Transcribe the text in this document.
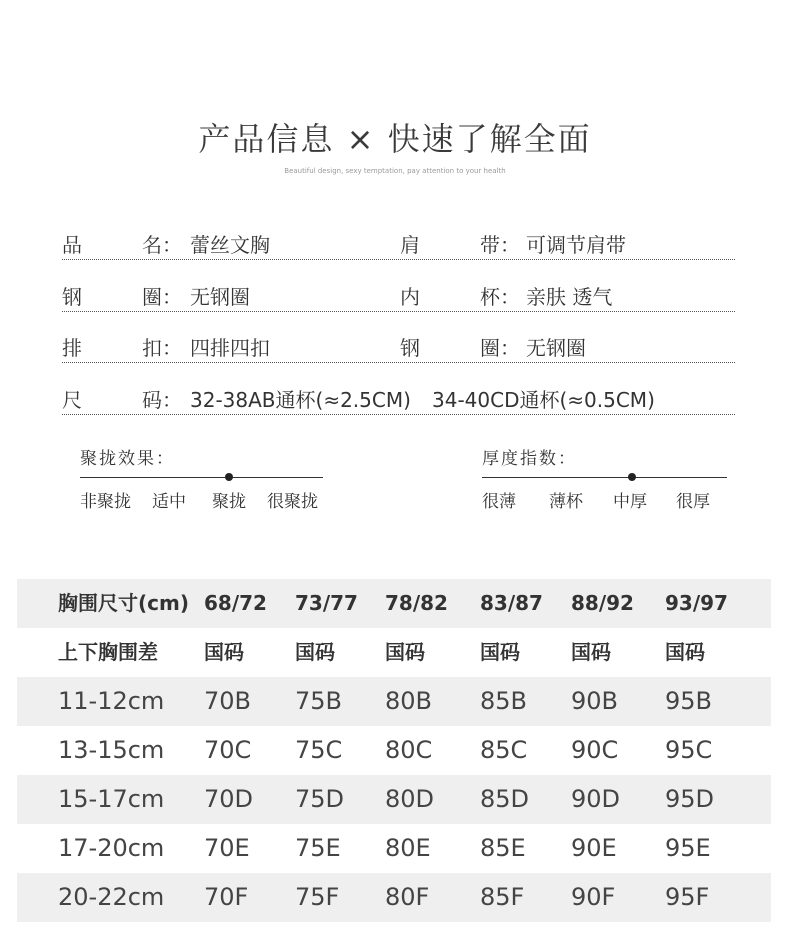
产品信息 × 快速了解全面
Beautiful design, sexy temptation, pay attention to your health
品	名： 蕾丝文胸	肩	带： 可调节肩带
钢	圈： 无钢圈	内	杯： 亲肤 透气
排	扣： 四排四扣	钢	圈： 无钢圈
尺	码： 32-38AB通杯(≈2.5CM) 34-40CD通杯(≈0.5CM)
聚拢效果：
非聚拢 适中 聚拢 很聚拢
厚度指数：
很薄 薄杯 中厚 很厚
胸围尺寸(cm) 68/72 73/77 78/82 83/87 88/92 93/97
上下胸围差 国码	国码	国码	国码	国码	国码
11-12cm 70B 75B 80B 85B 90B 95B
13-15cm 70C 75C 80C 85C 90C 95C
15-17cm 70D 75D 80D 85D 90D 95D
17-20cm 70E 75E 80E 85E 90E 95E
20-22cm 70F 75F 80F 85F 90F 95F
